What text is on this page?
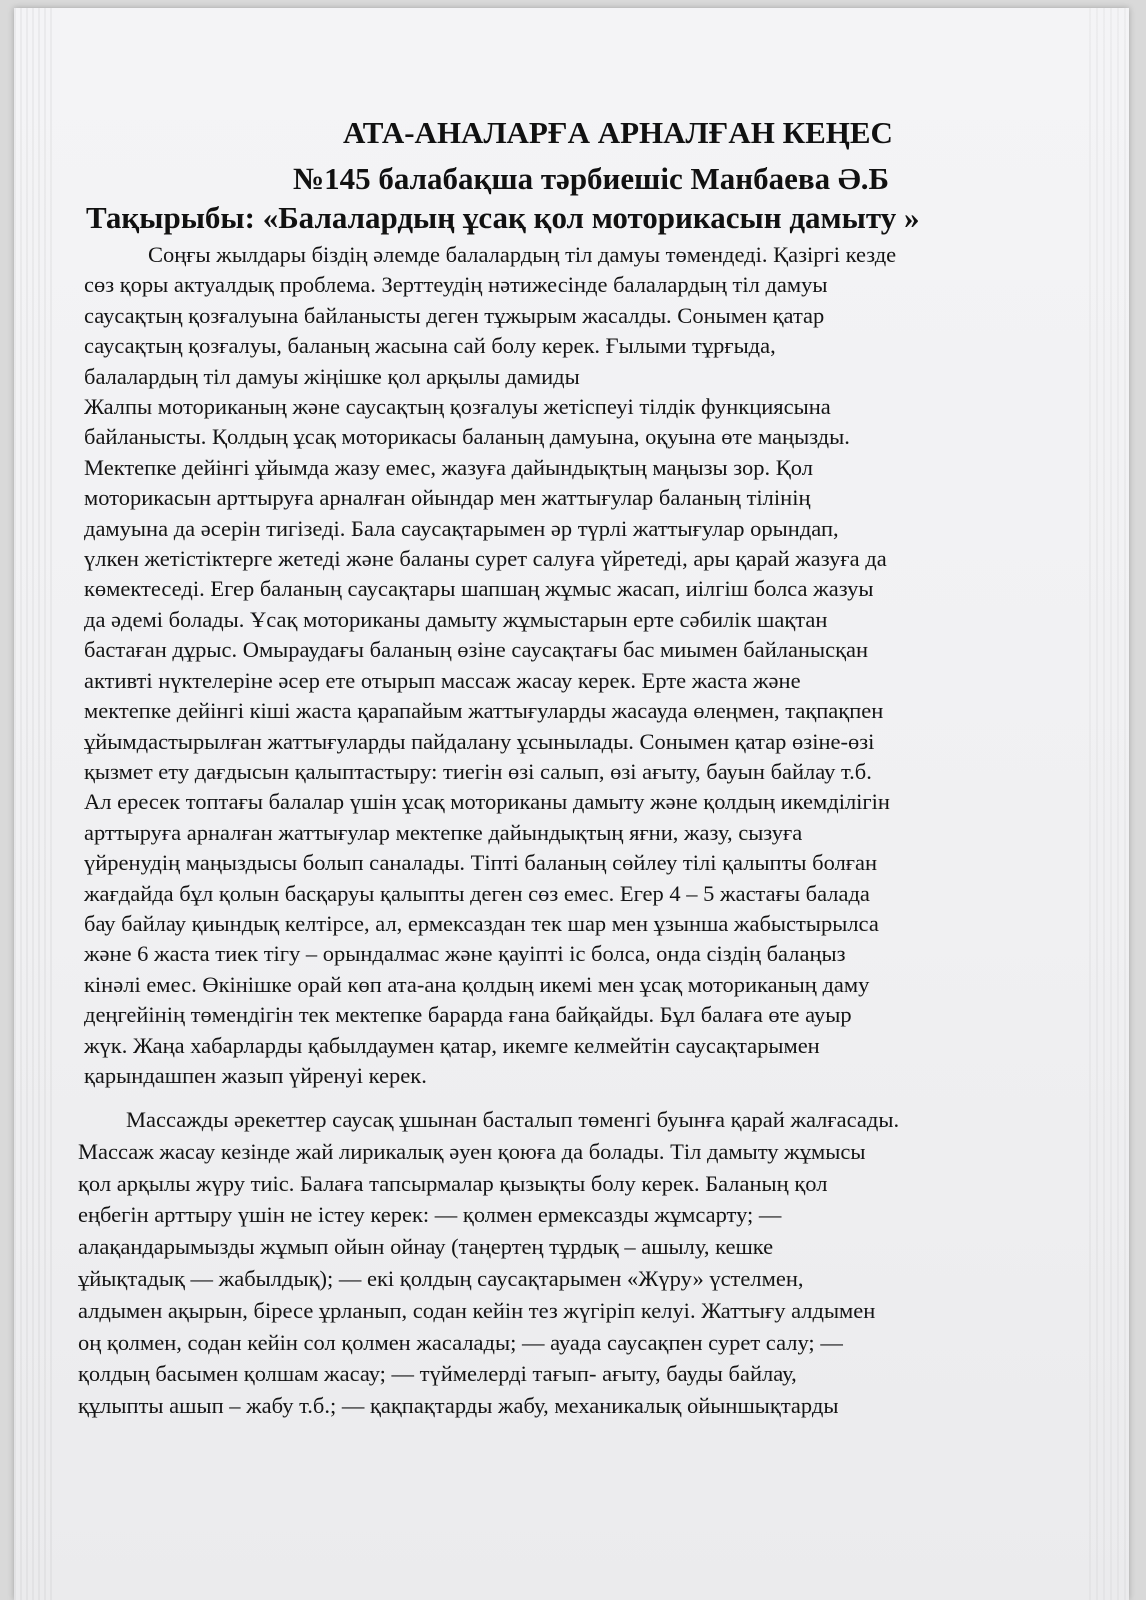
АТА-АНАЛАРҒА АРНАЛҒАН КЕҢЕС

№145 балабақша тәрбиешіс Манбаева Ә.Б

Тақырыбы: «Балалардың ұсақ қол моторикасын дамыту »

Соңғы жылдары біздің әлемде балалардың тіл дамуы төмендеді. Қазіргі кезде
сөз қоры актуалдық проблема. Зерттеудің нәтижесінде балалардың тіл дамуы
саусақтың қозғалуына байланысты деген тұжырым жасалды. Сонымен қатар
саусақтың қозғалуы, баланың жасына сай болу керек. Ғылыми тұрғыда,
балалардың тіл дамуы жіңішке қол арқылы дамиды
Жалпы моториканың және саусақтың қозғалуы жетіспеуі тілдік функциясына
байланысты. Қолдың ұсақ моторикасы баланың дамуына, оқуына өте маңызды.
Мектепке дейінгі ұйымда жазу емес, жазуға дайындықтың маңызы зор. Қол
моторикасын арттыруға арналған ойындар мен жаттығулар баланың тілінің
дамуына да әсерін тигізеді. Бала саусақтарымен әр түрлі жаттығулар орындап,
үлкен жетістіктерге жетеді және баланы сурет салуға үйретеді, ары қарай жазуға да
көмектеседі. Егер баланың саусақтары шапшаң жұмыс жасап, иілгіш болса жазуы
да әдемі болады. Ұсақ моториканы дамыту жұмыстарын ерте сәбилік шақтан
бастаған дұрыс. Омыраудағы баланың өзіне саусақтағы бас миымен байланысқан
активті нүктелеріне әсер ете отырып массаж жасау керек. Ерте жаста және
мектепке дейінгі кіші жаста қарапайым жаттығуларды жасауда өлеңмен, тақпақпен
ұйымдастырылған жаттығуларды пайдалану ұсынылады. Сонымен қатар өзіне-өзі
қызмет ету дағдысын қалыптастыру: тиегін өзі салып, өзі ағыту, бауын байлау т.б.
Ал ересек топтағы балалар үшін ұсақ моториканы дамыту және қолдың икемділігін
арттыруға арналған жаттығулар мектепке дайындықтың яғни, жазу, сызуға
үйренудің маңыздысы болып саналады. Тіпті баланың сөйлеу тілі қалыпты болған
жағдайда бұл қолын басқаруы қалыпты деген сөз емес. Егер 4 – 5 жастағы балада
бау байлау қиындық келтірсе, ал, ермексаздан тек шар мен ұзынша жабыстырылса
және 6 жаста тиек тігу – орындалмас және қауіпті іс болса, онда сіздің балаңыз
кінәлі емес. Өкінішке орай көп ата-ана қолдың икемі мен ұсақ моториканың даму
деңгейінің төмендігін тек мектепке барарда ғана байқайды. Бұл балаға өте ауыр
жүк. Жаңа хабарларды қабылдаумен қатар, икемге келмейтін саусақтарымен
қарындашпен жазып үйренуі керек.
Массажды әрекеттер саусақ ұшынан басталып төменгі буынға қарай жалғасады.
Массаж жасау кезінде жай лирикалық әуен қоюға да болады. Тіл дамыту жұмысы
қол арқылы жүру тиіс. Балаға тапсырмалар қызықты болу керек. Баланың қол
еңбегін арттыру үшін не істеу керек: — қолмен ермексазды жұмсарту; —
алақандарымызды жұмып ойын ойнау (таңертең тұрдық – ашылу, кешке
ұйықтадық — жабылдық); — екі қолдың саусақтарымен «Жүру» үстелмен,
алдымен ақырын, біресе ұрланып, содан кейін тез жүгіріп келуі. Жаттығу алдымен
оң қолмен, содан кейін сол қолмен жасалады; — ауада саусақпен сурет салу; —
қолдың басымен қолшам жасау; — түймелерді тағып- ағыту, бауды байлау,
құлыпты ашып – жабу т.б.; — қақпақтарды жабу, механикалық ойыншықтарды
